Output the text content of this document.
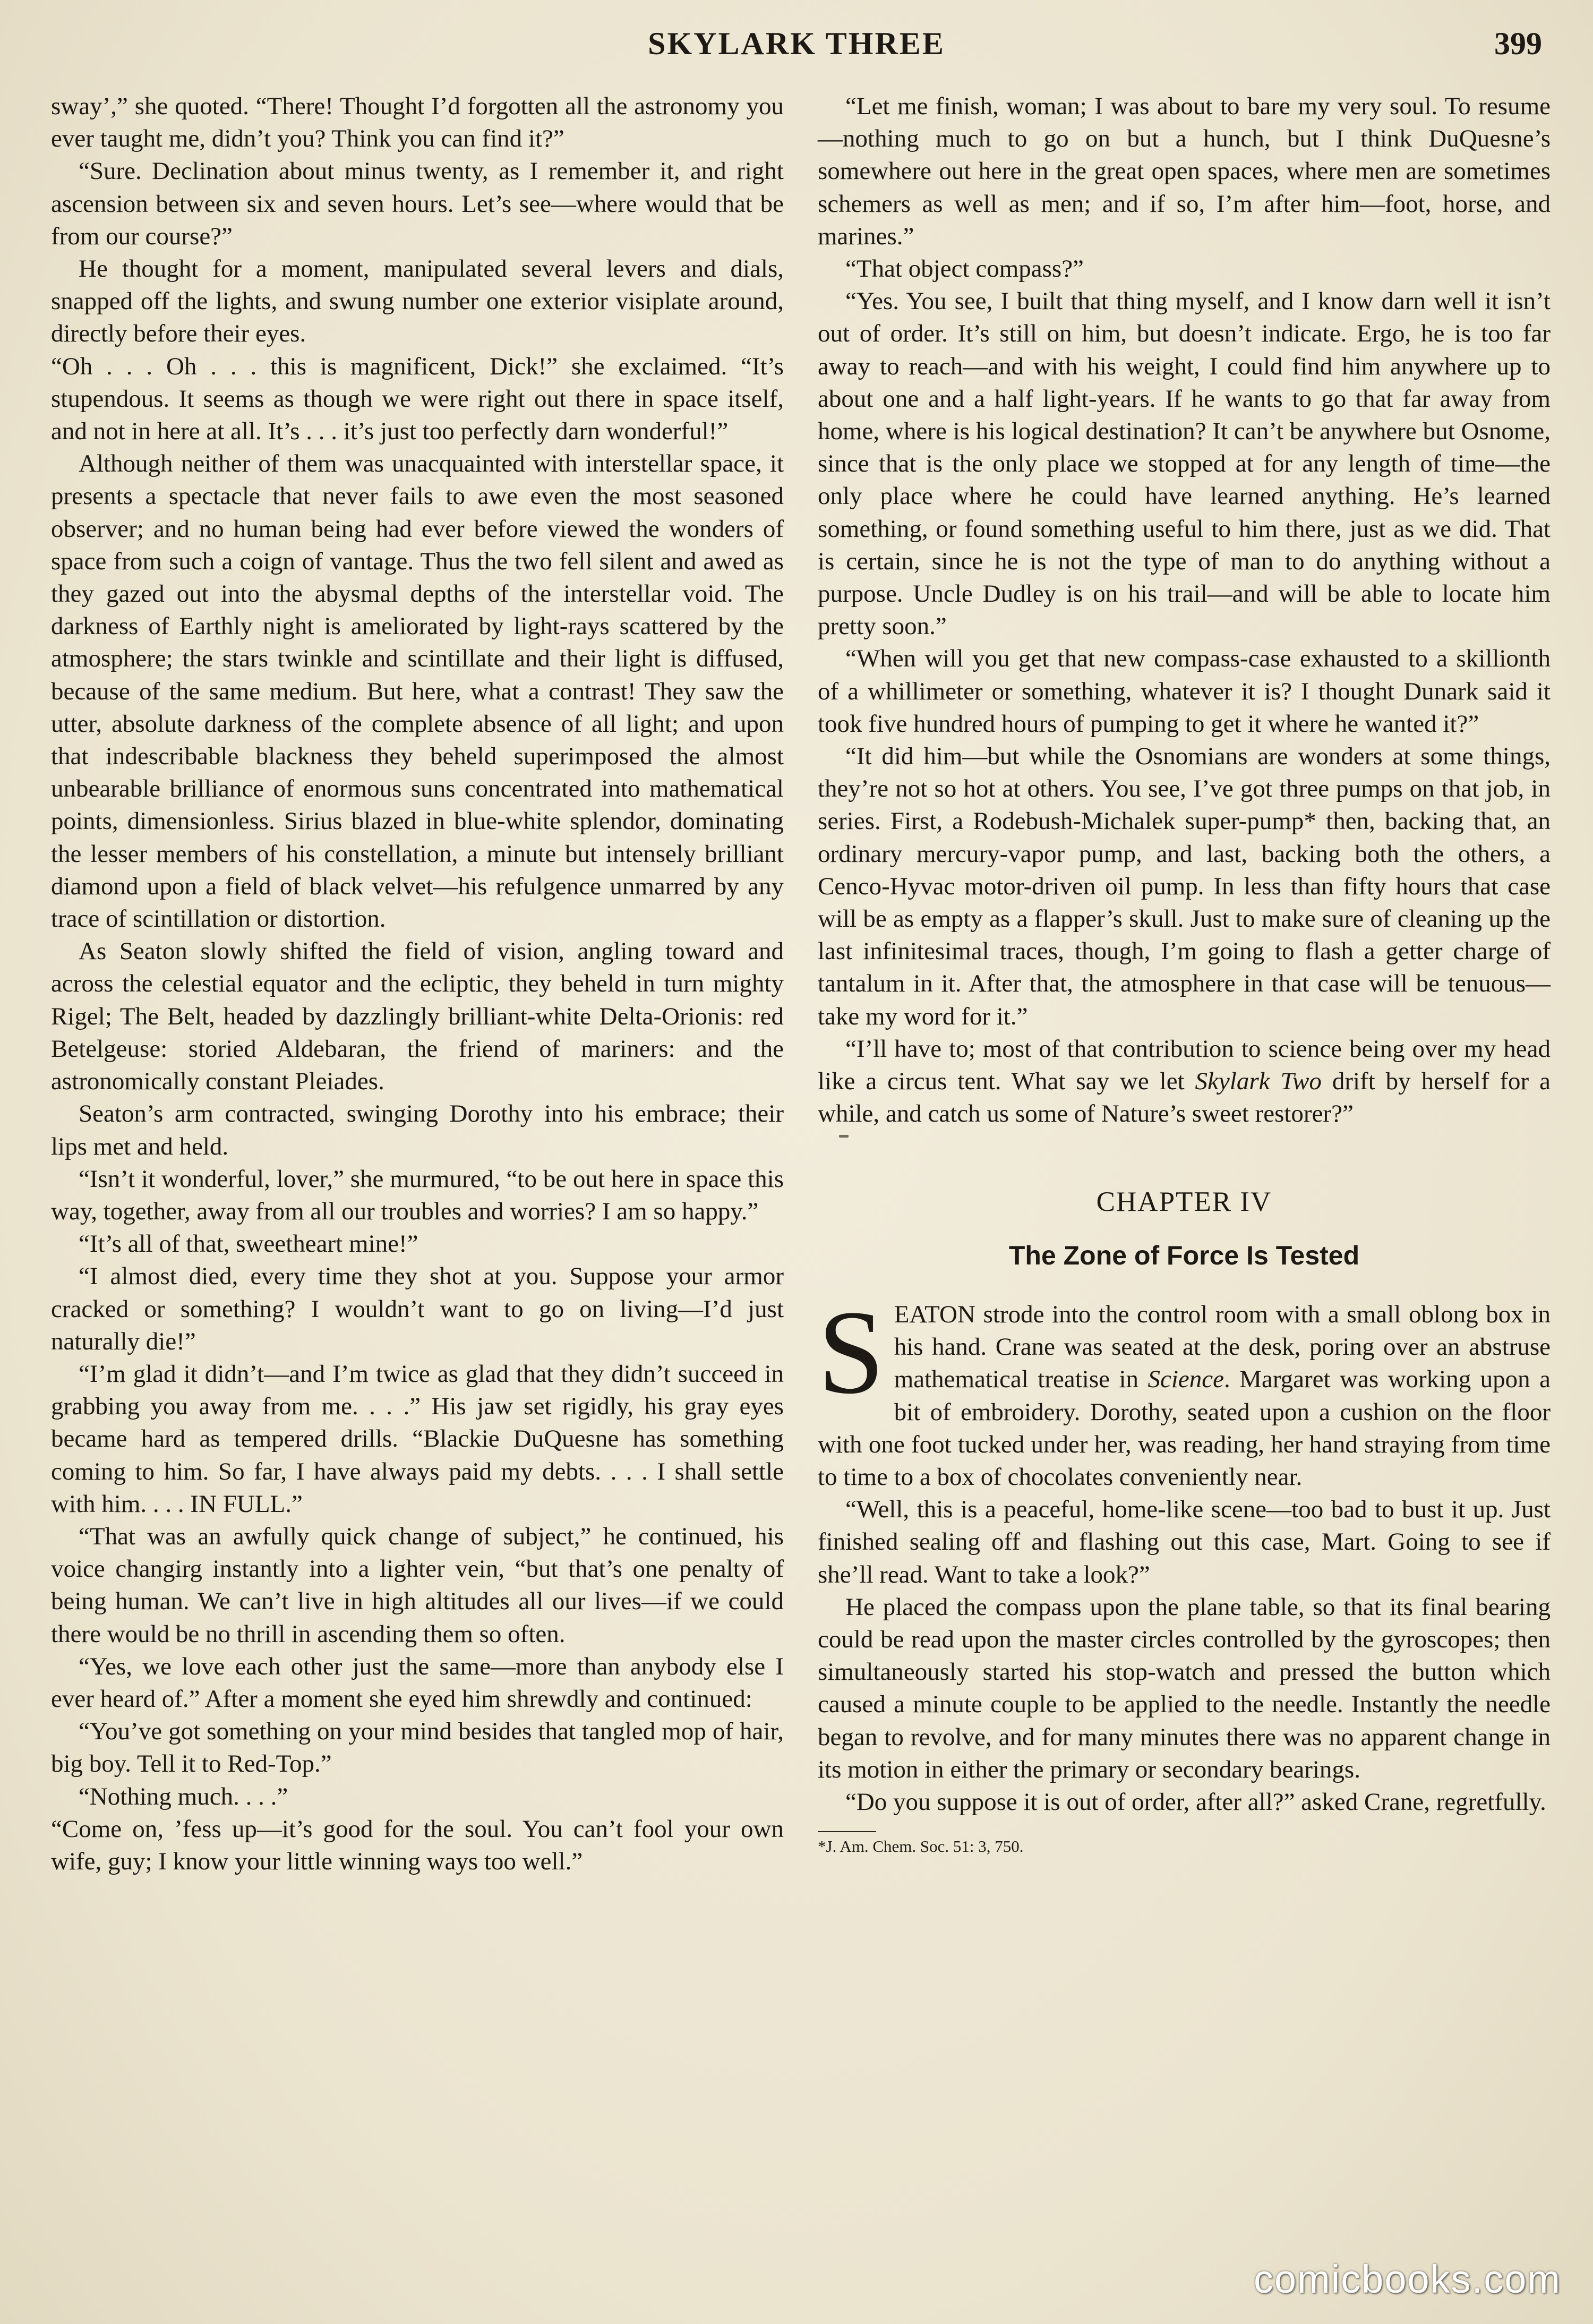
SKYLARK THREE	399

sway’,” she quoted. “There! Thought I’d forgotten all the astronomy you ever taught me, didn’t you? Think you can find it?”

“Sure. Declination about minus twenty, as I remember it, and right ascension between six and seven hours. Let’s see—where would that be from our course?”

He thought for a moment, manipulated several levers and dials, snapped off the lights, and swung number one exterior visiplate around, directly before their eyes.

“Oh . . . Oh . . . this is magnificent, Dick!” she exclaimed. “It’s stupendous. It seems as though we were right out there in space itself, and not in here at all. It’s . . . it’s just too perfectly darn wonderful!”

Although neither of them was unacquainted with interstellar space, it presents a spectacle that never fails to awe even the most seasoned observer; and no human being had ever before viewed the wonders of space from such a coign of vantage. Thus the two fell silent and awed as they gazed out into the abysmal depths of the interstellar void. The darkness of Earthly night is ameliorated by light-rays scattered by the atmosphere; the stars twinkle and scintillate and their light is diffused, because of the same medium. But here, what a contrast! They saw the utter, absolute darkness of the complete absence of all light; and upon that indescribable blackness they beheld superimposed the almost unbearable brilliance of enormous suns concentrated into mathematical points, dimensionless. Sirius blazed in blue-white splendor, dominating the lesser members of his constellation, a minute but intensely brilliant diamond upon a field of black velvet—his refulgence unmarred by any trace of scintillation or distortion.

As Seaton slowly shifted the field of vision, angling toward and across the celestial equator and the ecliptic, they beheld in turn mighty Rigel; The Belt, headed by dazzlingly brilliant-white Delta-Orionis: red Betelgeuse: storied Aldebaran, the friend of mariners: and the astronomically constant Pleiades.

Seaton’s arm contracted, swinging Dorothy into his embrace; their lips met and held.

“Isn’t it wonderful, lover,” she murmured, “to be out here in space this way, together, away from all our troubles and worries? I am so happy.”

“It’s all of that, sweetheart mine!”

“I almost died, every time they shot at you. Suppose your armor cracked or something? I wouldn’t want to go on living—I’d just naturally die!”

“I’m glad it didn’t—and I’m twice as glad that they didn’t succeed in grabbing you away from me. . . .” His jaw set rigidly, his gray eyes became hard as tempered drills. “Blackie DuQuesne has something coming to him. So far, I have always paid my debts. . . . I shall settle with him. . . . IN FULL.”

“That was an awfully quick change of subject,” he continued, his voice changirg instantly into a lighter vein, “but that’s one penalty of being human. We can’t live in high altitudes all our lives—if we could there would be no thrill in ascending them so often.

“Yes, we love each other just the same—more than anybody else I ever heard of.” After a moment she eyed him shrewdly and continued:

“You’ve got something on your mind besides that tangled mop of hair, big boy. Tell it to Red-Top.”

“Nothing much. . . .”

“Come on, ’fess up—it’s good for the soul. You can’t fool your own wife, guy; I know your little winning ways too well.”

“Let me finish, woman; I was about to bare my very soul. To resume—nothing much to go on but a hunch, but I think DuQuesne’s somewhere out here in the great open spaces, where men are sometimes schemers as well as men; and if so, I’m after him—foot, horse, and marines.”

“That object compass?”

“Yes. You see, I built that thing myself, and I know darn well it isn’t out of order. It’s still on him, but doesn’t indicate. Ergo, he is too far away to reach—and with his weight, I could find him anywhere up to about one and a half light-years. If he wants to go that far away from home, where is his logical destination? It can’t be anywhere but Osnome, since that is the only place we stopped at for any length of time—the only place where he could have learned anything. He’s learned something, or found something useful to him there, just as we did. That is certain, since he is not the type of man to do anything without a purpose. Uncle Dudley is on his trail—and will be able to locate him pretty soon.”

“When will you get that new compass-case exhausted to a skillionth of a whillimeter or something, whatever it is? I thought Dunark said it took five hundred hours of pumping to get it where he wanted it?”

“It did him—but while the Osnomians are wonders at some things, they’re not so hot at others. You see, I’ve got three pumps on that job, in series. First, a Rodebush-Michalek super-pump* then, backing that, an ordinary mercury-vapor pump, and last, backing both the others, a Cenco-Hyvac motor-driven oil pump. In less than fifty hours that case will be as empty as a flapper’s skull. Just to make sure of cleaning up the last infinitesimal traces, though, I’m going to flash a getter charge of tantalum in it. After that, the atmosphere in that case will be tenuous—take my word for it.”

“I’ll have to; most of that contribution to science being over my head like a circus tent. What say we let Skylark Two drift by herself for a while, and catch us some of Nature’s sweet restorer?”

CHAPTER IV
The Zone of Force Is Tested

SEATON strode into the control room with a small oblong box in his hand. Crane was seated at the desk, poring over an abstruse mathematical treatise in Science. Margaret was working upon a bit of embroidery. Dorothy, seated upon a cushion on the floor with one foot tucked under her, was reading, her hand straying from time to time to a box of chocolates conveniently near.

“Well, this is a peaceful, home-like scene—too bad to bust it up. Just finished sealing off and flashing out this case, Mart. Going to see if she’ll read. Want to take a look?”

He placed the compass upon the plane table, so that its final bearing could be read upon the master circles controlled by the gyroscopes; then simultaneously started his stop-watch and pressed the button which caused a minute couple to be applied to the needle. Instantly the needle began to revolve, and for many minutes there was no apparent change in its motion in either the primary or secondary bearings.

“Do you suppose it is out of order, after all?” asked Crane, regretfully.

*J. Am. Chem. Soc. 51: 3, 750.

comicbooks.com
